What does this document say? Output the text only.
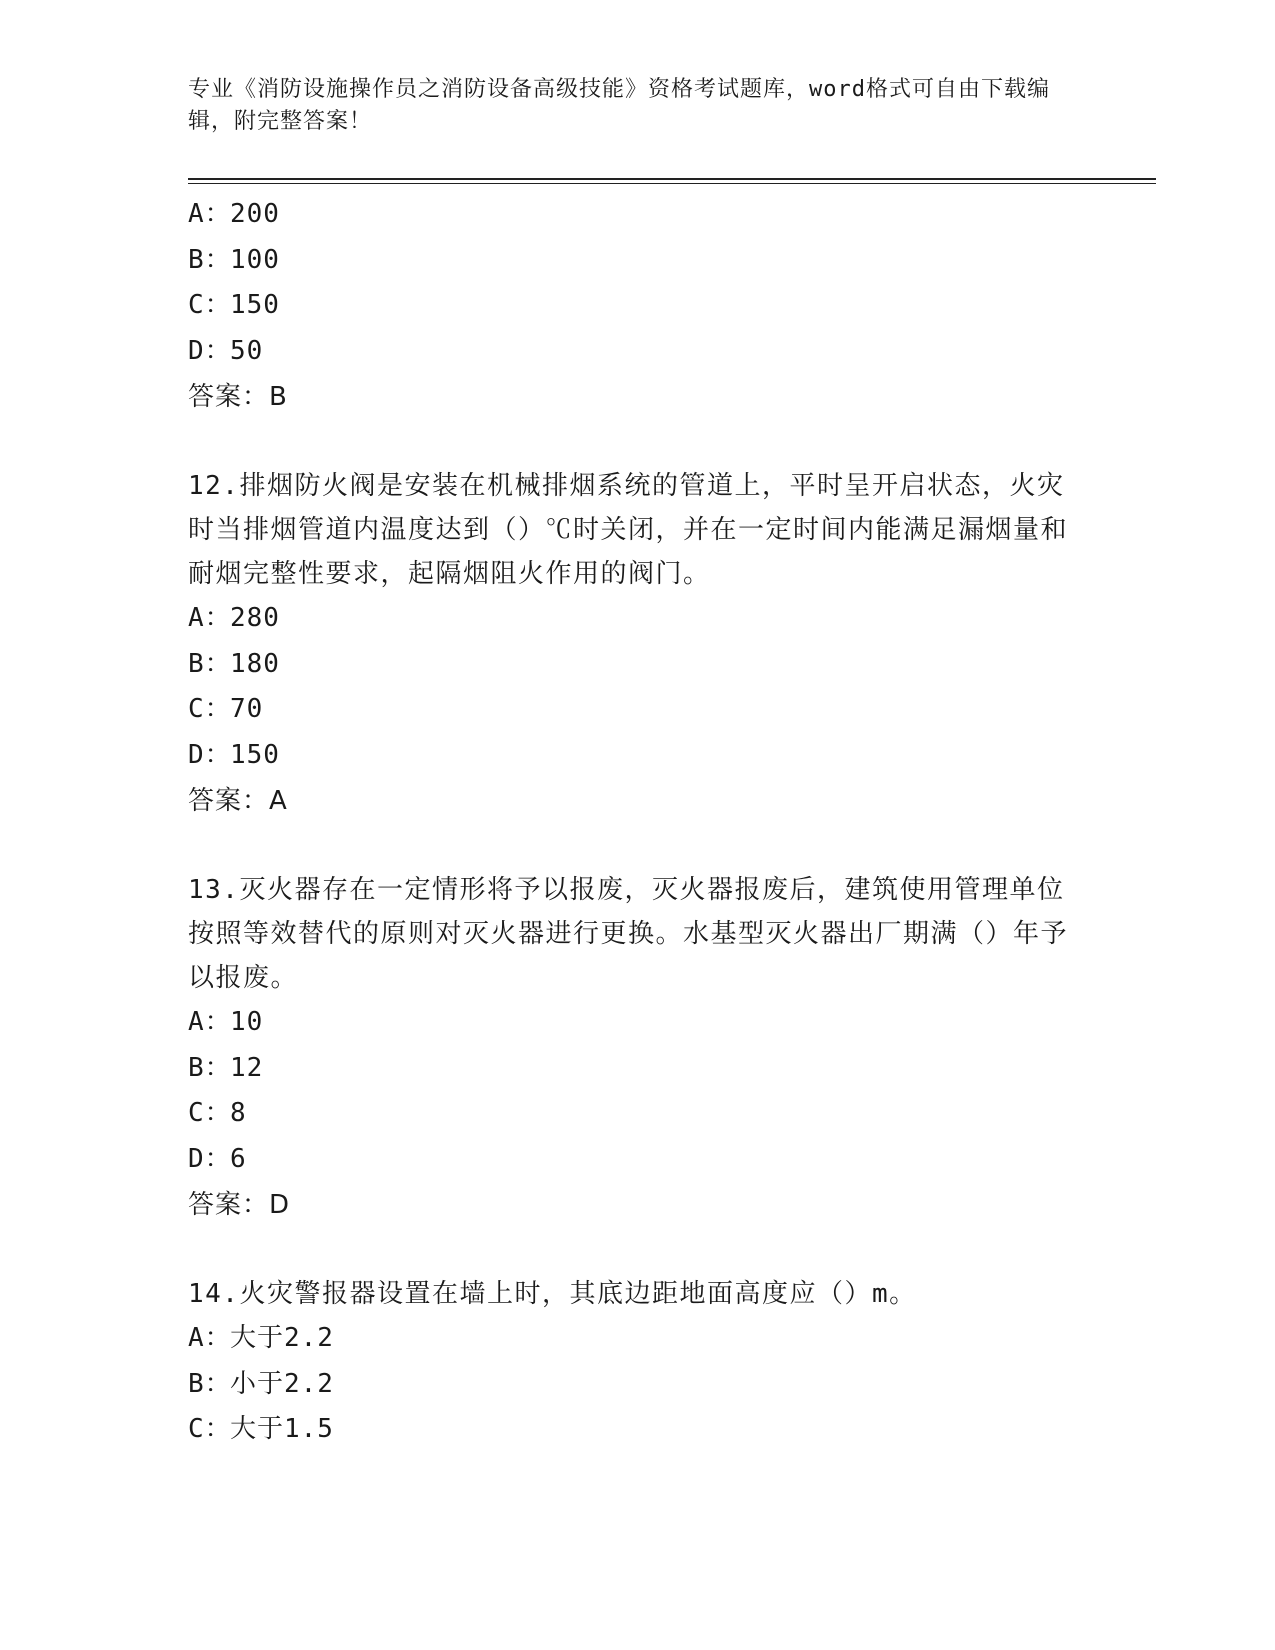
专业《消防设施操作员之消防设备高级技能》资格考试题库，word格式可自由下载编辑，附完整答案！

A：200

B：100

C：150

D：50

答案：B

12.排烟防火阀是安装在机械排烟系统的管道上，平时呈开启状态，火灾时当排烟管道内温度达到（）℃时关闭，并在一定时间内能满足漏烟量和耐烟完整性要求，起隔烟阻火作用的阀门。

A：280

B：180

C：70

D：150

答案：A

13.灭火器存在一定情形将予以报废，灭火器报废后，建筑使用管理单位按照等效替代的原则对灭火器进行更换。水基型灭火器出厂期满（）年予以报废。

A：10

B：12

C：8

D：6

答案：D

14.火灾警报器设置在墙上时，其底边距地面高度应（）m。

A：大于2.2

B：小于2.2

C：大于1.5
